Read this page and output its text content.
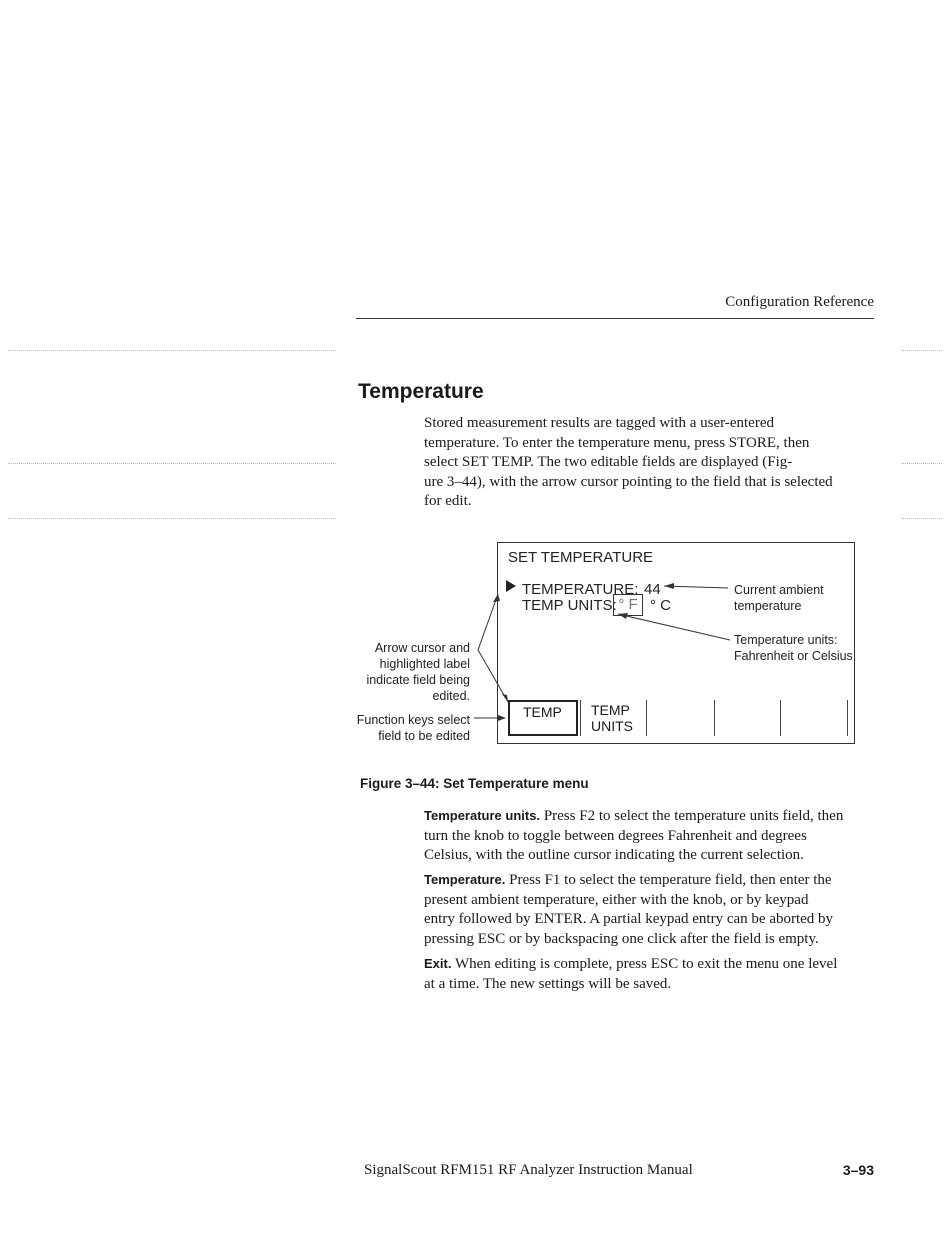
Configuration Reference
Temperature

Stored measurement results are tagged with a user-entered
temperature. To enter the temperature menu, press STORE, then
select SET TEMP. The two editable fields are displayed (Fig-
ure 3–44), with the arrow cursor pointing to the field that is selected
for edit.

SET TEMPERATURE
TEMPERATURE: 44
TEMP UNITS: ° F ° C
TEMP TEMP
UNITS
Current ambient
temperature
Temperature units:
Fahrenheit or Celsius
Arrow cursor and
highlighted label
indicate field being
edited.
Function keys select
field to be edited

Figure 3–44: Set Temperature menu

Temperature units. Press F2 to select the temperature units field, then
turn the knob to toggle between degrees Fahrenheit and degrees
Celsius, with the outline cursor indicating the current selection.

Temperature. Press F1 to select the temperature field, then enter the
present ambient temperature, either with the knob, or by keypad
entry followed by ENTER. A partial keypad entry can be aborted by
pressing ESC or by backspacing one click after the field is empty.

Exit. When editing is complete, press ESC to exit the menu one level
at a time. The new settings will be saved.

SignalScout RFM151 RF Analyzer Instruction Manual	3–93
